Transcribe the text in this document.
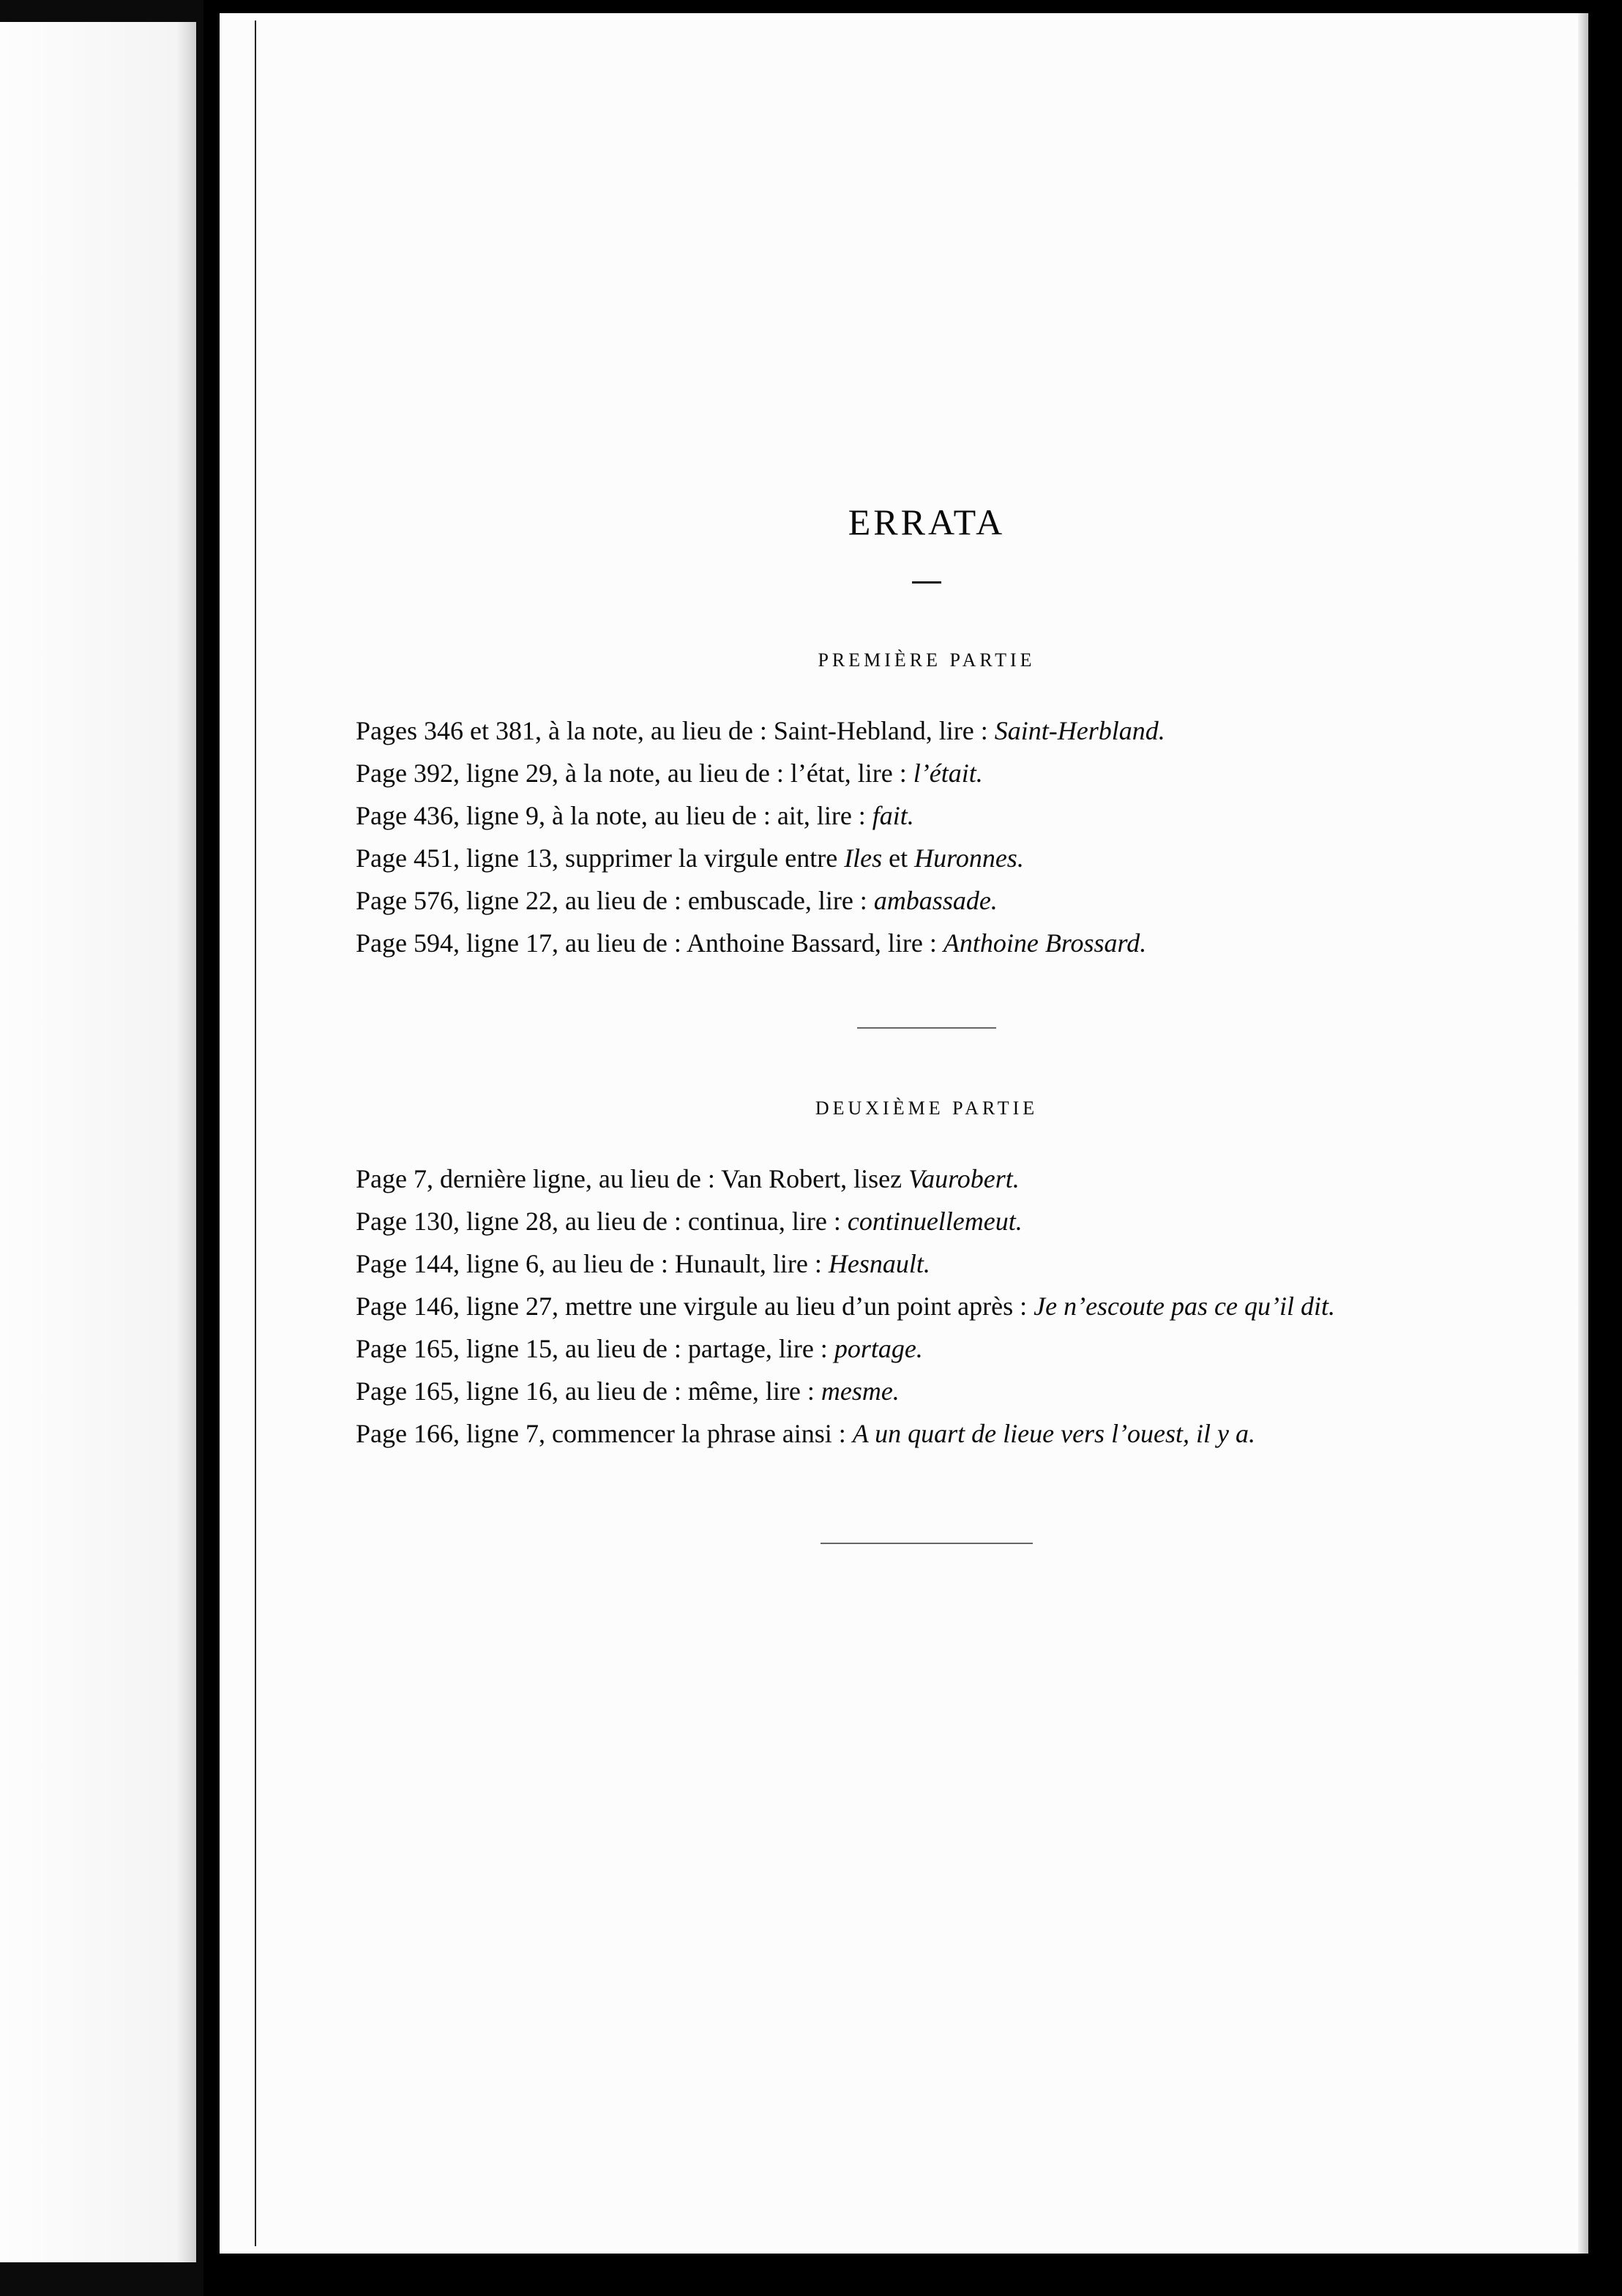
ERRATA
PREMIÈRE PARTIE
Pages 346 et 381, à la note, au lieu de : Saint-Hebland, lire : Saint-Herbland.
Page 392, ligne 29, à la note, au lieu de : l’état, lire : l’était.
Page 436, ligne 9, à la note, au lieu de : ait, lire : fait.
Page 451, ligne 13, supprimer la virgule entre Iles et Huronnes.
Page 576, ligne 22, au lieu de : embuscade, lire : ambassade.
Page 594, ligne 17, au lieu de : Anthoine Bassard, lire : Anthoine Brossard.
DEUXIÈME PARTIE
Page 7, dernière ligne, au lieu de : Van Robert, lisez Vaurobert.
Page 130, ligne 28, au lieu de : continua, lire : continuellemeut.
Page 144, ligne 6, au lieu de : Hunault, lire : Hesnault.
Page 146, ligne 27, mettre une virgule au lieu d’un point après : Je n’escoute pas ce qu’il dit.
Page 165, ligne 15, au lieu de : partage, lire : portage.
Page 165, ligne 16, au lieu de : même, lire : mesme.
Page 166, ligne 7, commencer la phrase ainsi : A un quart de lieue vers l’ouest, il y a.
